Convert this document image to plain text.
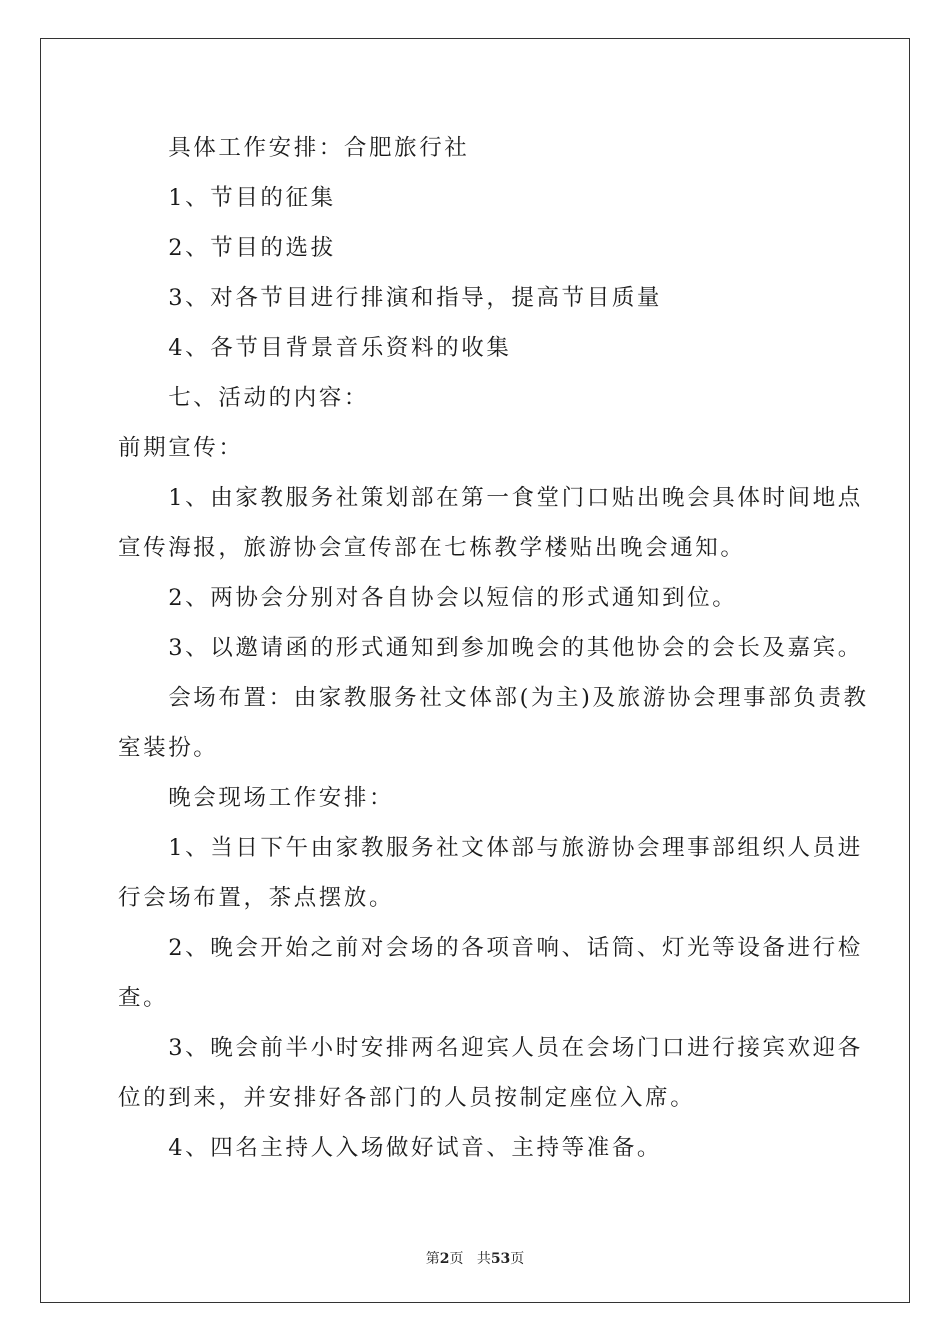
　　具体工作安排：合肥旅行社

　　1、节目的征集

　　2、节目的选拔

　　3、对各节目进行排演和指导，提高节目质量

　　4、各节目背景音乐资料的收集

　　七、活动的内容：

前期宣传：

　　1、由家教服务社策划部在第一食堂门口贴出晚会具体时间地点
宣传海报，旅游协会宣传部在七栋教学楼贴出晚会通知。

　　2、两协会分别对各自协会以短信的形式通知到位。

　　3、以邀请函的形式通知到参加晚会的其他协会的会长及嘉宾。

　　会场布置：由家教服务社文体部(为主)及旅游协会理事部负责教
室装扮。

　　晚会现场工作安排：

　　1、当日下午由家教服务社文体部与旅游协会理事部组织人员进
行会场布置，茶点摆放。

　　2、晚会开始之前对会场的各项音响、话筒、灯光等设备进行检
查。

　　3、晚会前半小时安排两名迎宾人员在会场门口进行接宾欢迎各
位的到来，并安排好各部门的人员按制定座位入席。

　　4、四名主持人入场做好试音、主持等准备。

第2页 共53页
